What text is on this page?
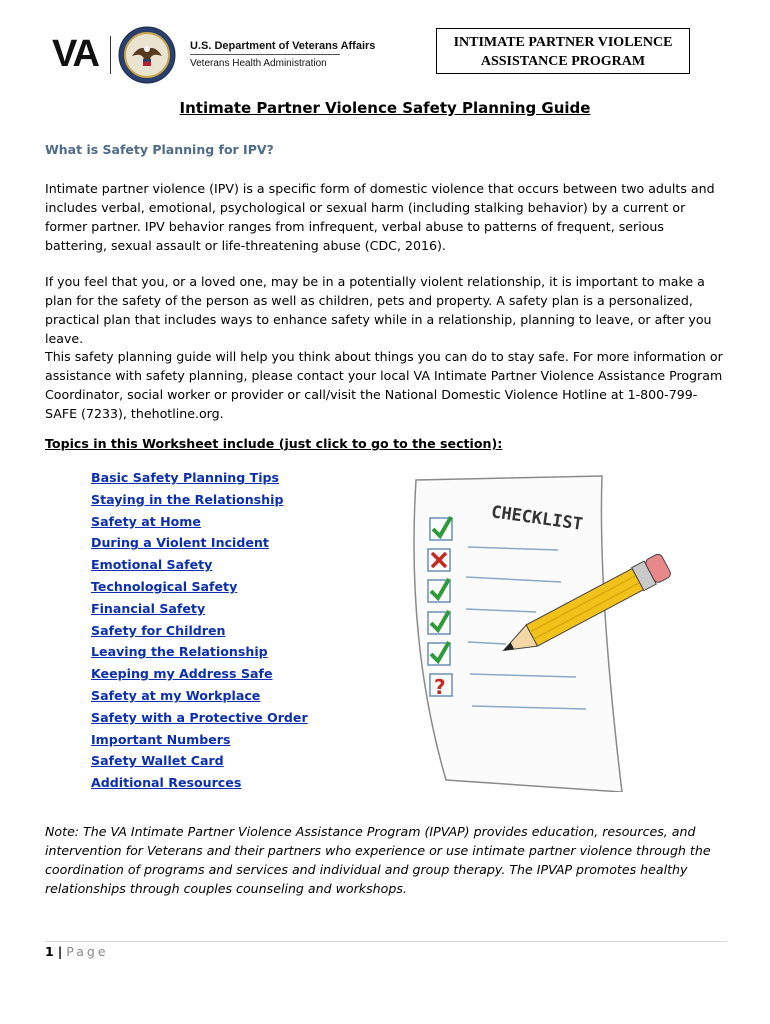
VA	U.S. Department of Veterans Affairs
Veterans Health Administration
INTIMATE PARTNER VIOLENCE
ASSISTANCE PROGRAM
Intimate Partner Violence Safety Planning Guide
What is Safety Planning for IPV?
Intimate partner violence (IPV) is a specific form of domestic violence that occurs between two adults and includes verbal, emotional, psychological or sexual harm (including stalking behavior) by a current or former partner. IPV behavior ranges from infrequent, verbal abuse to patterns of frequent, serious battering, sexual assault or life-threatening abuse (CDC, 2016).
If you feel that you, or a loved one, may be in a potentially violent relationship, it is important to make a plan for the safety of the person as well as children, pets and property. A safety plan is a personalized, practical plan that includes ways to enhance safety while in a relationship, planning to leave, or after you leave.
This safety planning guide will help you think about things you can do to stay safe. For more information or assistance with safety planning, please contact your local VA Intimate Partner Violence Assistance Program Coordinator, social worker or provider or call/visit the National Domestic Violence Hotline at 1-800-799-SAFE (7233), thehotline.org.
Topics in this Worksheet include (just click to go to the section):
Basic Safety Planning Tips
Staying in the Relationship
Safety at Home
During a Violent Incident
Emotional Safety
Technological Safety
Financial Safety
Safety for Children
Leaving the Relationship
Keeping my Address Safe
Safety at my Workplace
Safety with a Protective Order
Important Numbers
Safety Wallet Card
Additional Resources
CHECKLIST
?
Note: The VA Intimate Partner Violence Assistance Program (IPVAP) provides education, resources, and intervention for Veterans and their partners who experience or use intimate partner violence through the coordination of programs and services and individual and group therapy. The IPVAP promotes healthy relationships through couples counseling and workshops.
1 | Page
